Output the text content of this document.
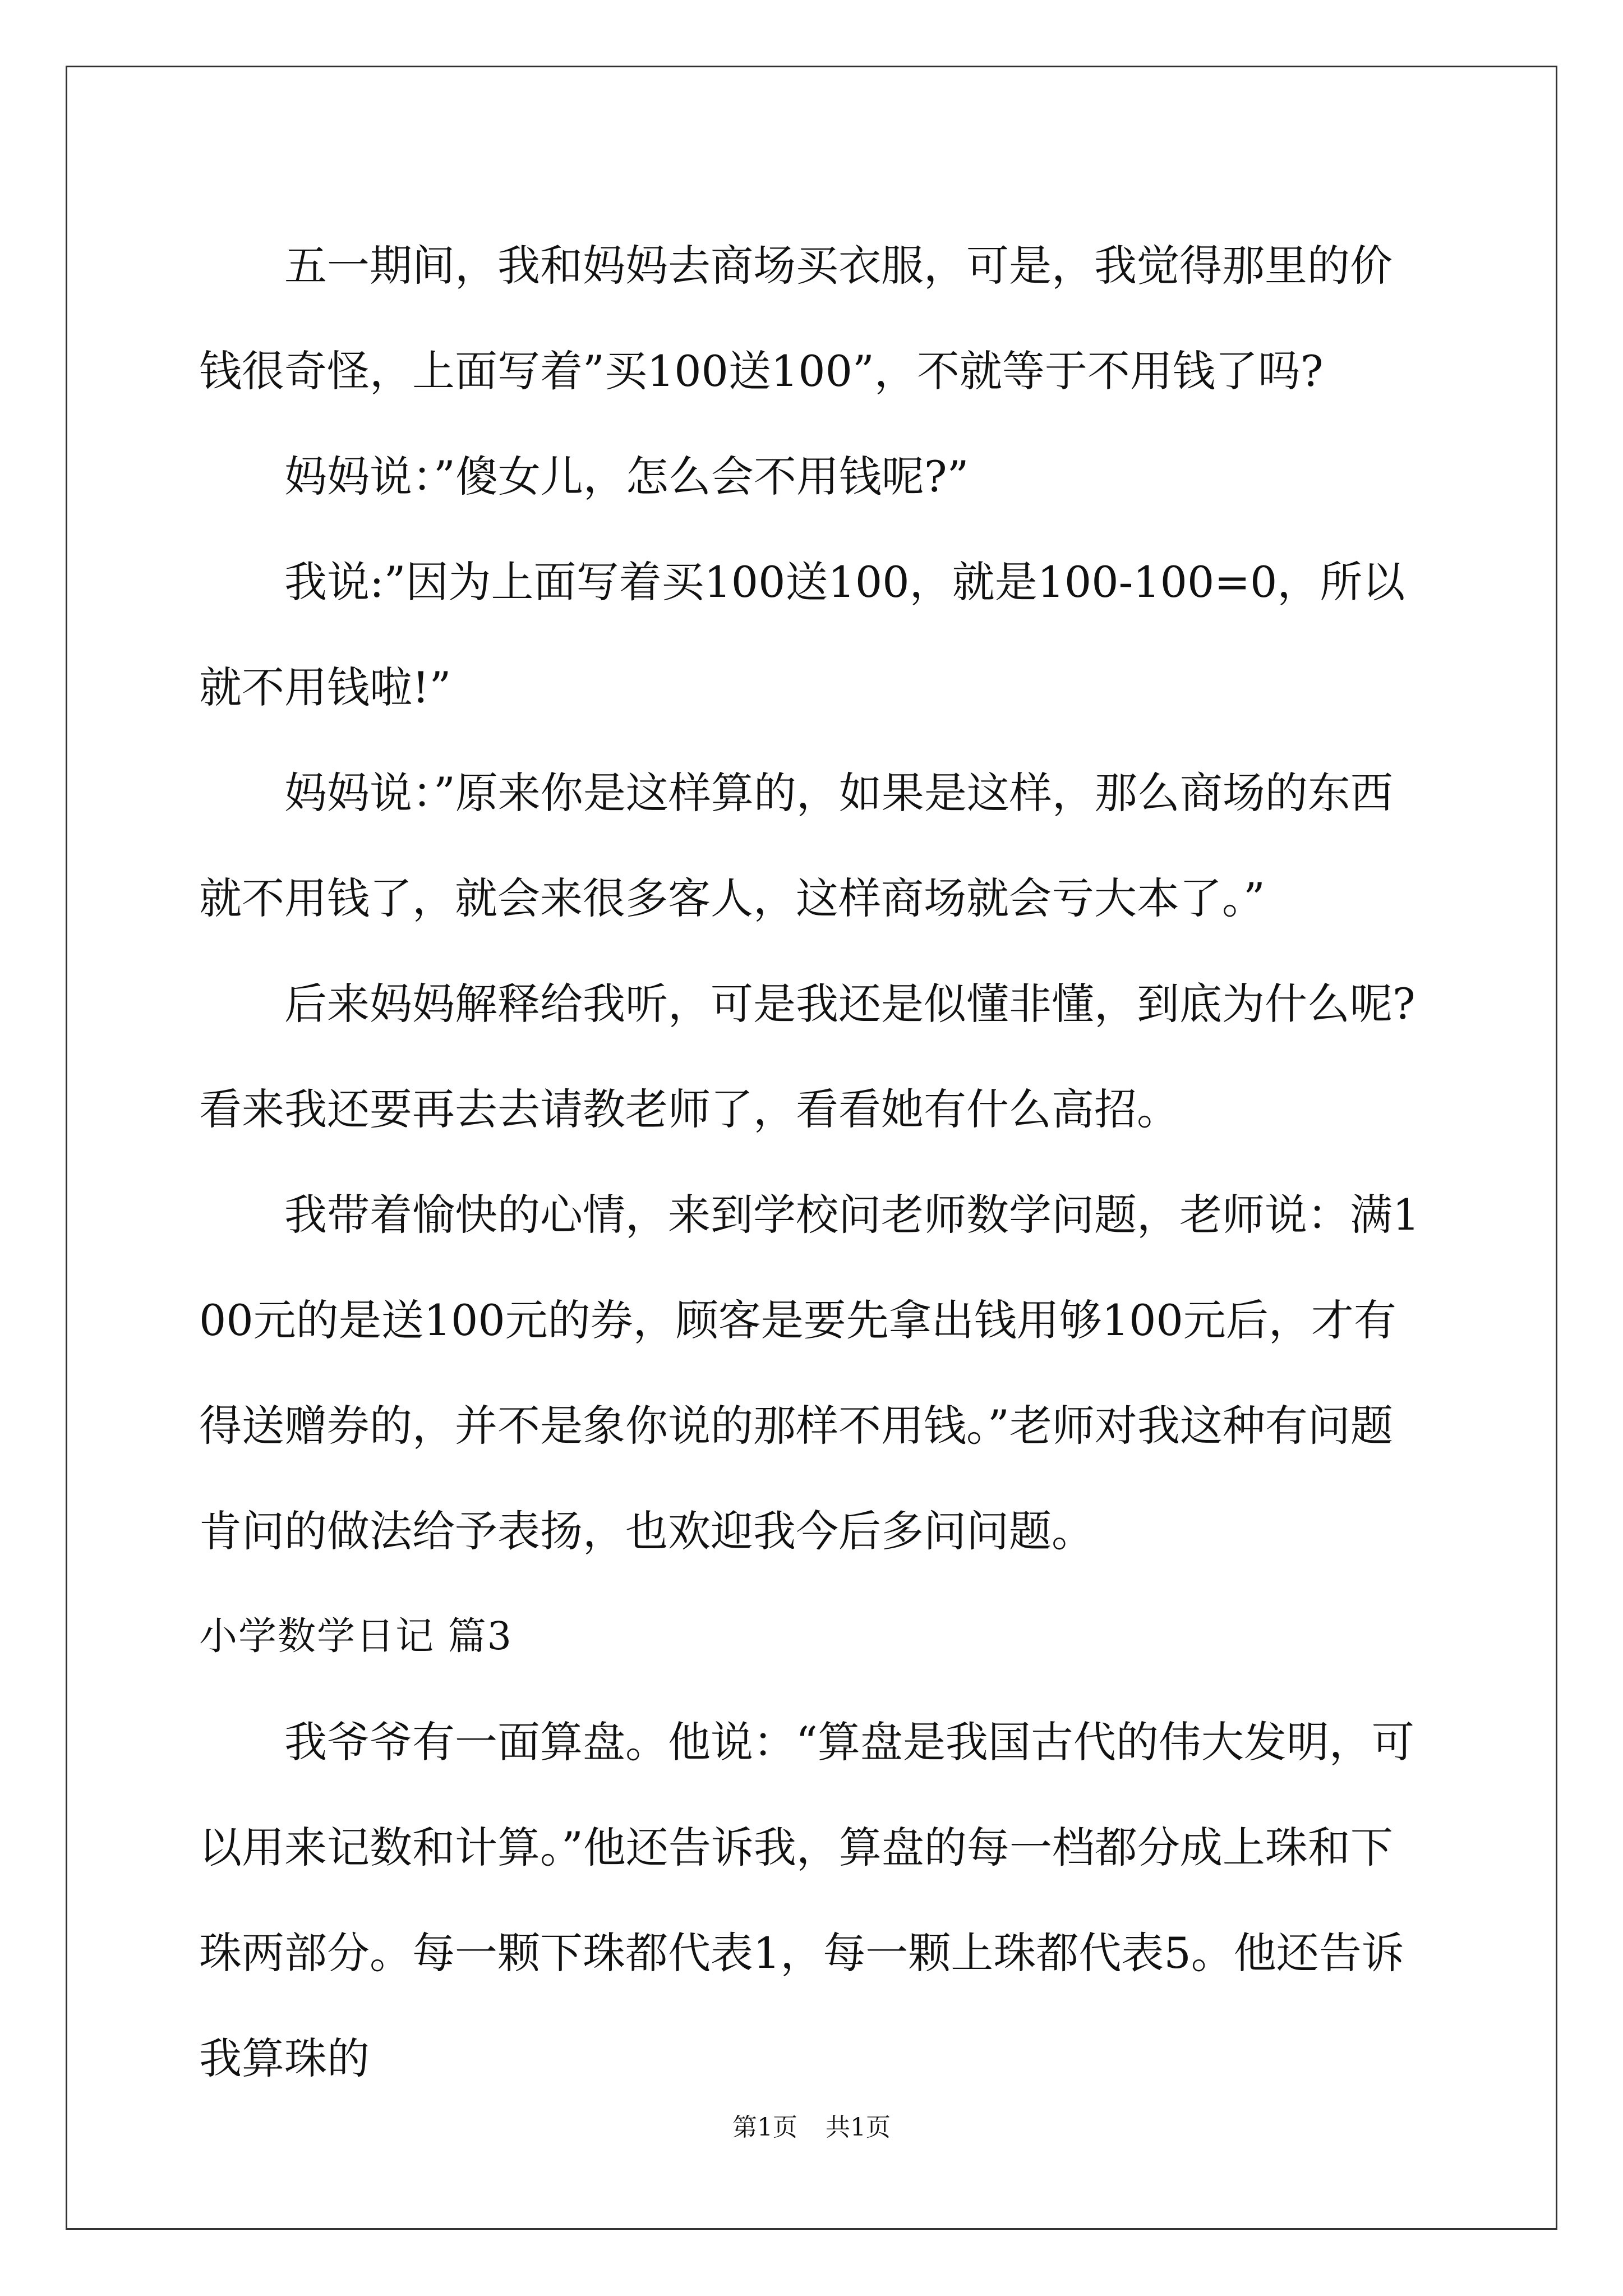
五一期间，我和妈妈去商场买衣服，可是，我觉得那里的价钱很奇怪，上面写着”买100送100”，不就等于不用钱了吗?

妈妈说：”傻女儿，怎么会不用钱呢?”

我说:”因为上面写着买100送100，就是100-100=0，所以就不用钱啦!”

妈妈说：”原来你是这样算的，如果是这样，那么商场的东西就不用钱了，就会来很多客人，这样商场就会亏大本了。”

后来妈妈解释给我听，可是我还是似懂非懂，到底为什么呢?看来我还要再去去请教老师了，看看她有什么高招。

我带着愉快的心情，来到学校问老师数学问题，老师说：满100元的是送100元的券，顾客是要先拿出钱用够100元后，才有得送赠券的，并不是象你说的那样不用钱。”老师对我这种有问题肯问的做法给予表扬，也欢迎我今后多问问题。

小学数学日记 篇3

我爷爷有一面算盘。他说：“算盘是我国古代的伟大发明，可以用来记数和计算。”他还告诉我，算盘的每一档都分成上珠和下珠两部分。每一颗下珠都代表1，每一颗上珠都代表5。他还告诉我算珠的

第1页 共1页
